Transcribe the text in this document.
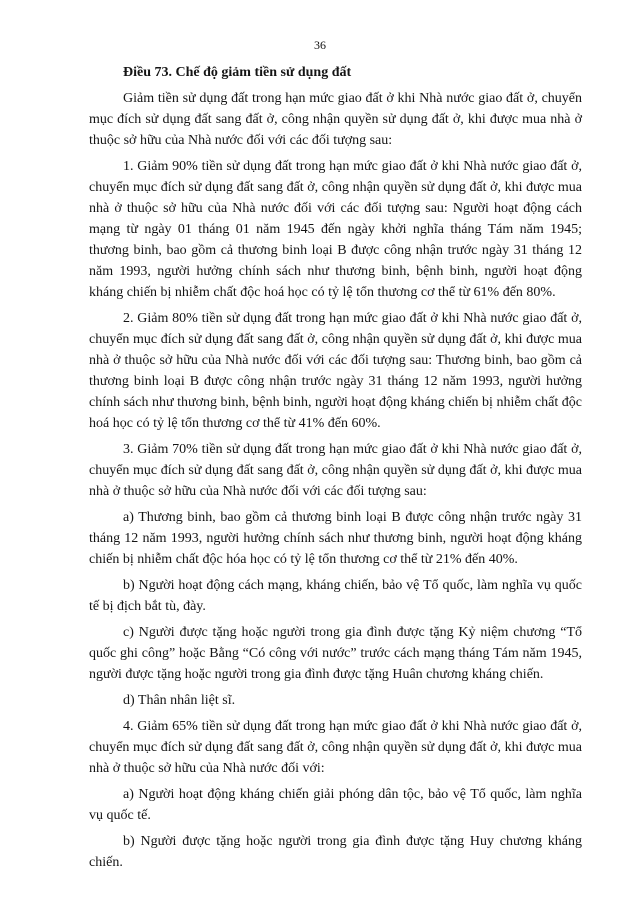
36
Điều 73. Chế độ giảm tiền sử dụng đất

Giảm tiền sử dụng đất trong hạn mức giao đất ở khi Nhà nước giao đất ở, chuyển mục đích sử dụng đất sang đất ở, công nhận quyền sử dụng đất ở, khi được mua nhà ở thuộc sở hữu của Nhà nước đối với các đối tượng sau:

1. Giảm 90% tiền sử dụng đất trong hạn mức giao đất ở khi Nhà nước giao đất ở, chuyển mục đích sử dụng đất sang đất ở, công nhận quyền sử dụng đất ở, khi được mua nhà ở thuộc sở hữu của Nhà nước đối với các đối tượng sau: Người hoạt động cách mạng từ ngày 01 tháng 01 năm 1945 đến ngày khởi nghĩa tháng Tám năm 1945; thương binh, bao gồm cả thương binh loại B được công nhận trước ngày 31 tháng 12 năm 1993, người hưởng chính sách như thương binh, bệnh binh, người hoạt động kháng chiến bị nhiễm chất độc hoá học có tỷ lệ tổn thương cơ thể từ 61% đến 80%.

2. Giảm 80% tiền sử dụng đất trong hạn mức giao đất ở khi Nhà nước giao đất ở, chuyển mục đích sử dụng đất sang đất ở, công nhận quyền sử dụng đất ở, khi được mua nhà ở thuộc sở hữu của Nhà nước đối với các đối tượng sau: Thương binh, bao gồm cả thương binh loại B được công nhận trước ngày 31 tháng 12 năm 1993, người hưởng chính sách như thương binh, bệnh binh, người hoạt động kháng chiến bị nhiễm chất độc hoá học có tỷ lệ tổn thương cơ thể từ 41% đến 60%.

3. Giảm 70% tiền sử dụng đất trong hạn mức giao đất ở khi Nhà nước giao đất ở, chuyển mục đích sử dụng đất sang đất ở, công nhận quyền sử dụng đất ở, khi được mua nhà ở thuộc sở hữu của Nhà nước đối với các đối tượng sau:

a) Thương binh, bao gồm cả thương binh loại B được công nhận trước ngày 31 tháng 12 năm 1993, người hưởng chính sách như thương binh, người hoạt động kháng chiến bị nhiễm chất độc hóa học có tỷ lệ tổn thương cơ thể từ 21% đến 40%.

b) Người hoạt động cách mạng, kháng chiến, bảo vệ Tổ quốc, làm nghĩa vụ quốc tế bị địch bắt tù, đày.

c) Người được tặng hoặc người trong gia đình được tặng Kỷ niệm chương “Tổ quốc ghi công” hoặc Bằng “Có công với nước” trước cách mạng tháng Tám năm 1945, người được tặng hoặc người trong gia đình được tặng Huân chương kháng chiến.

d) Thân nhân liệt sĩ.

4. Giảm 65% tiền sử dụng đất trong hạn mức giao đất ở khi Nhà nước giao đất ở, chuyển mục đích sử dụng đất sang đất ở, công nhận quyền sử dụng đất ở, khi được mua nhà ở thuộc sở hữu của Nhà nước đối với:

a) Người hoạt động kháng chiến giải phóng dân tộc, bảo vệ Tổ quốc, làm nghĩa vụ quốc tế.

b) Người được tặng hoặc người trong gia đình được tặng Huy chương kháng chiến.
